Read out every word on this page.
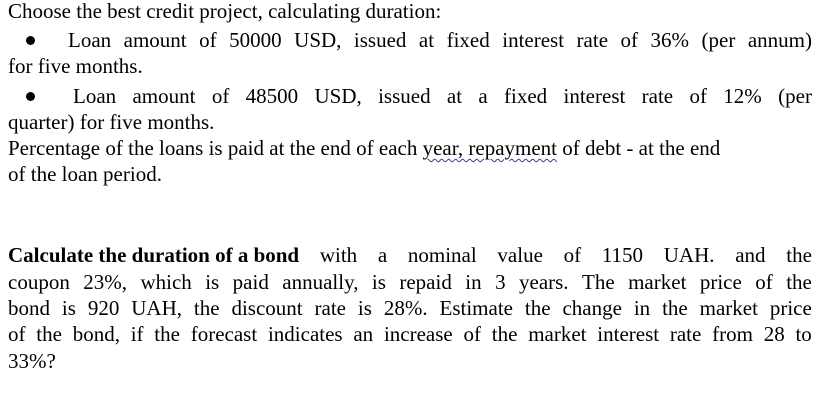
Choose the best credit project, calculating duration:

Loan amount of 50000 USD, issued at fixed interest rate of 36% (per annum)

for five months.

Loan amount of 48500 USD, issued at a fixed interest rate of 12% (per

quarter) for five months.

Percentage of the loans is paid at the end of each year, repayment of debt - at the end

of the loan period.

Calculate the duration of a bond with a nominal value of 1150 UAH. and the
coupon 23%, which is paid annually, is repaid in 3 years. The market price of the
bond is 920 UAH, the discount rate is 28%. Estimate the change in the market price
of the bond, if the forecast indicates an increase of the market interest rate from 28 to

33%?
